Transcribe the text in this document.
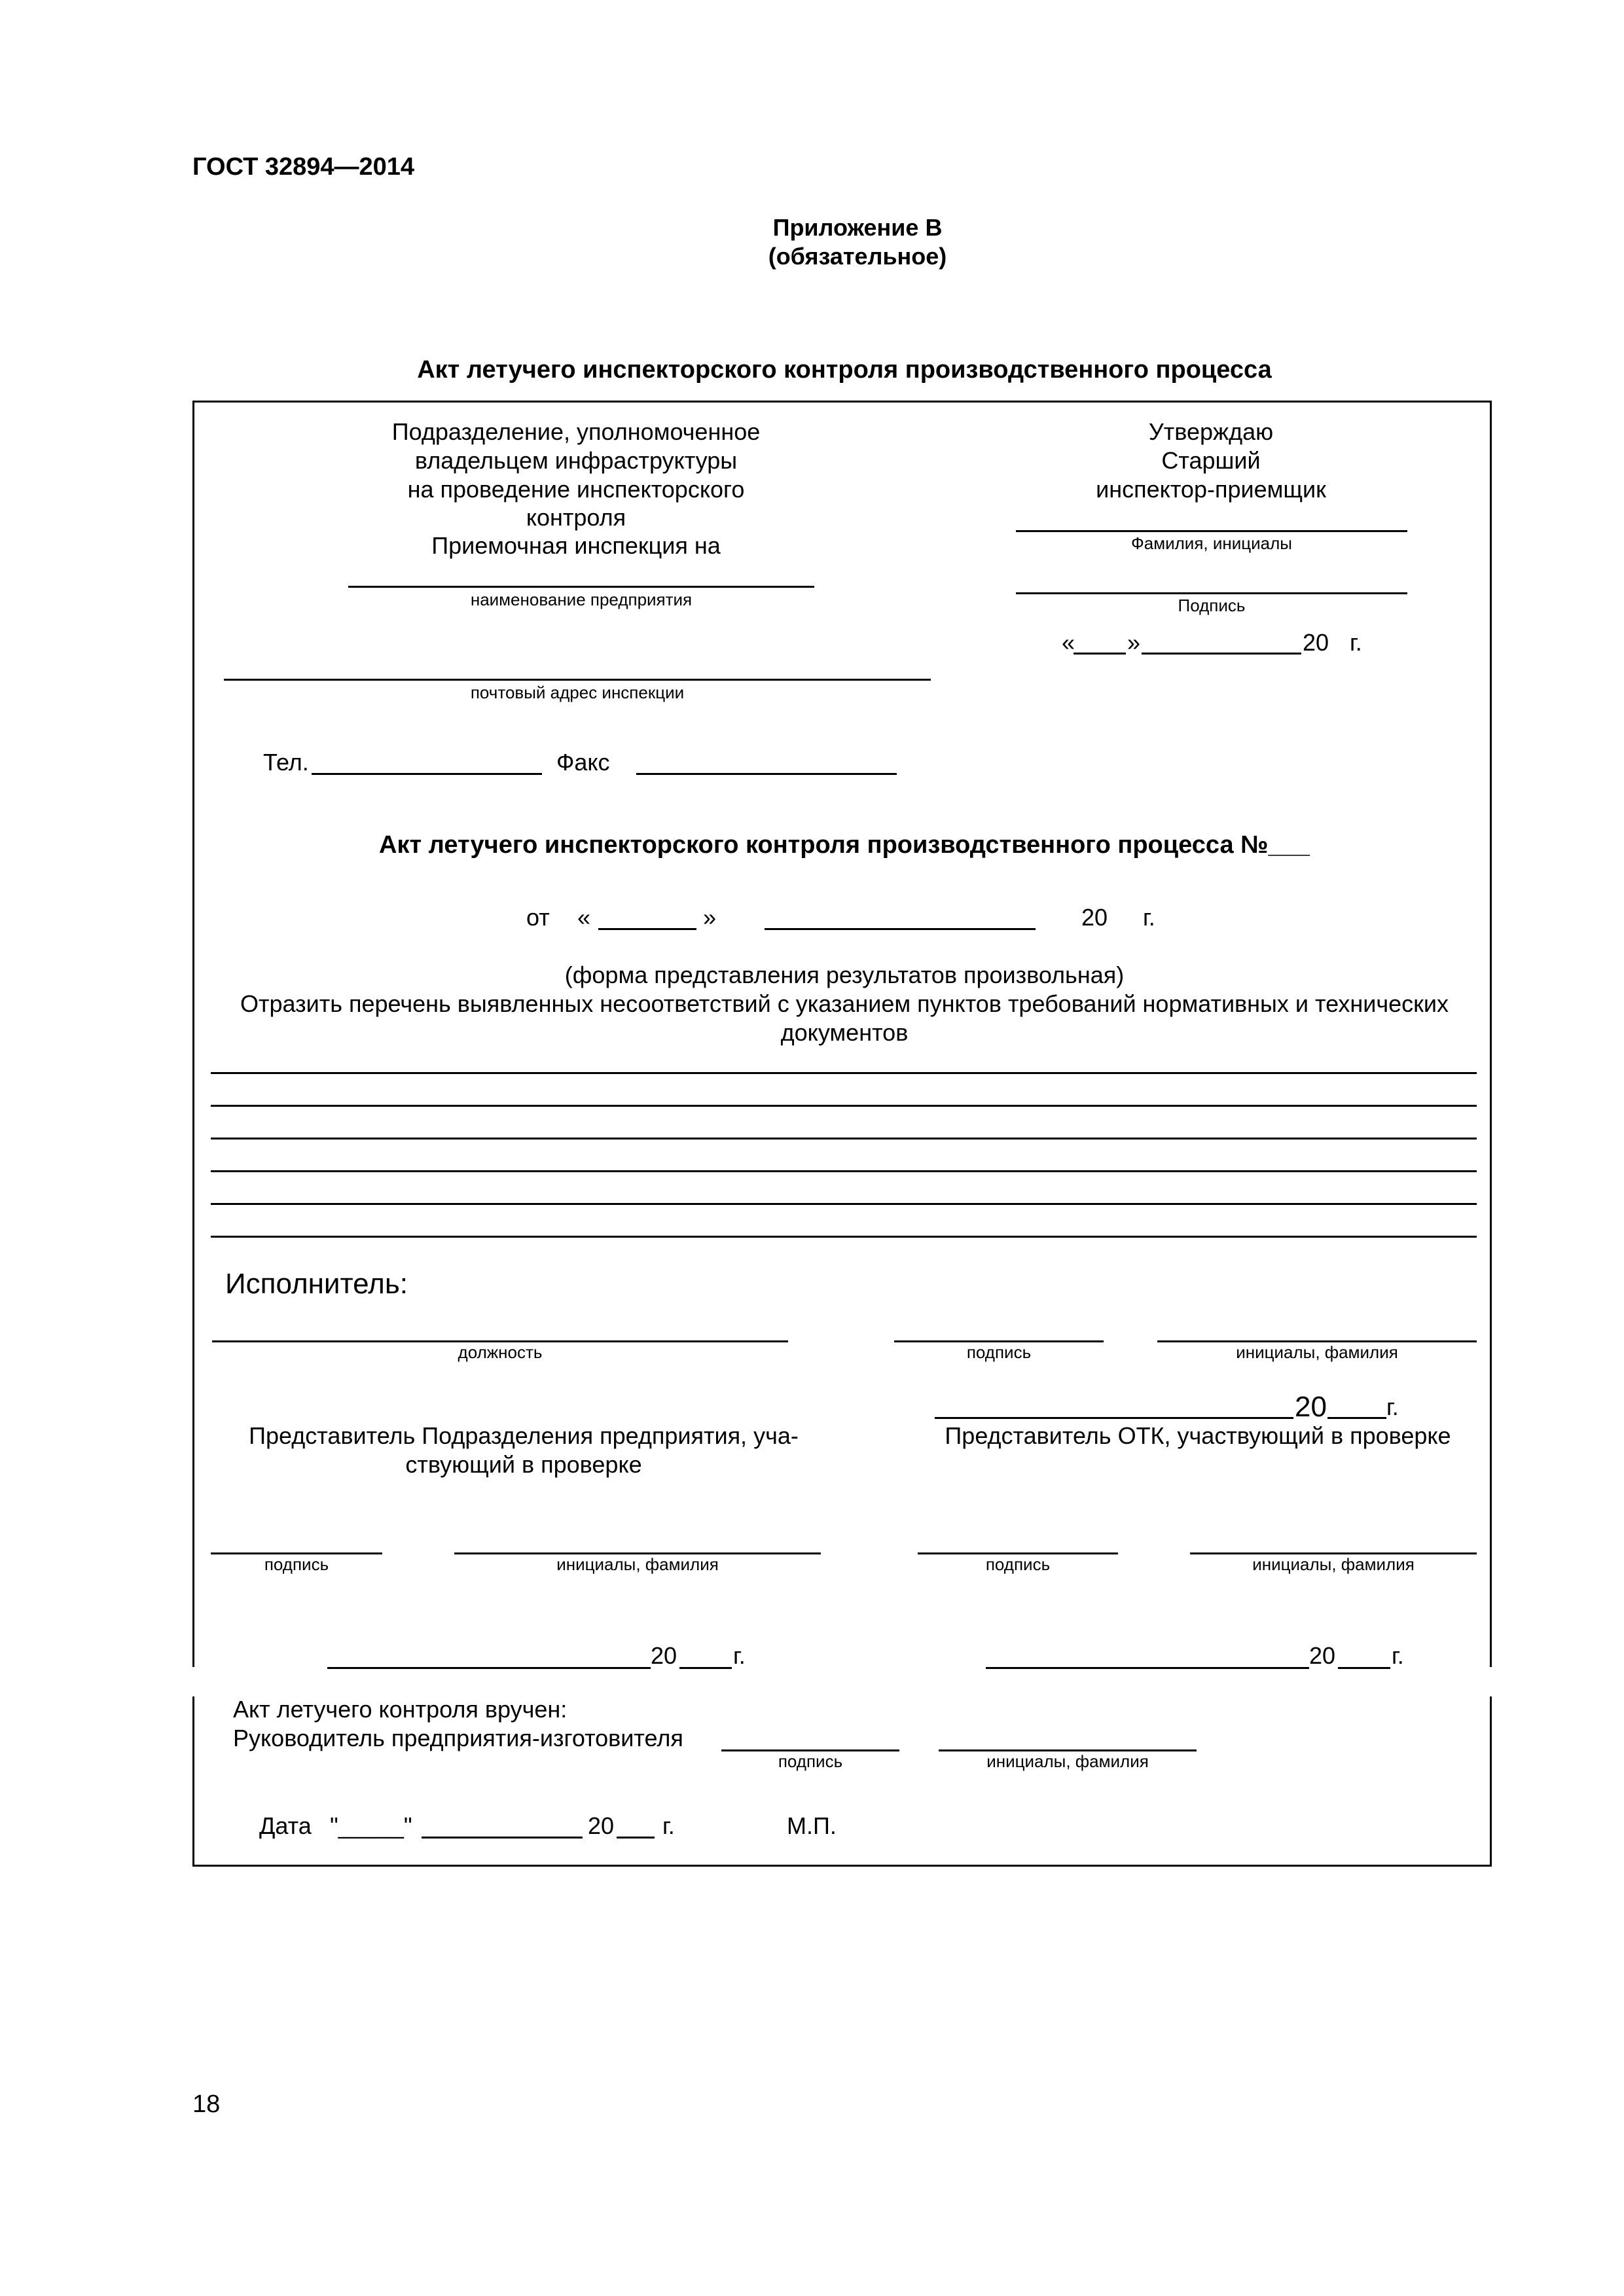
ГОСТ 32894—2014
Приложение В
(обязательное)
Акт летучего инспекторского контроля производственного процесса
Подразделение, уполномоченное
владельцем инфраструктуры
на проведение инспекторского
контроля
Приемочная инспекция на
наименование предприятия
почтовый адрес инспекции
Тел.	Факс
Утверждаю
Старший
инспектор-приемщик
Фамилия, инициалы
Подпись
« »	20 г.
Акт летучего инспекторского контроля производственного процесса №___
от «	»	20 г.
(форма представления результатов произвольная)
Отразить перечень выявленных несоответствий с указанием пунктов требований нормативных и технических
документов
Исполнитель:
должность	подпись	инициалы, фамилия
20	г.
Представитель Подразделения предприятия, уча-
ствующий в проверке
Представитель ОТК, участвующий в проверке
подпись	инициалы, фамилия	подпись	инициалы, фамилия
20 г.	20 г.
Акт летучего контроля вручен:
Руководитель предприятия-изготовителя
подпись	инициалы, фамилия
Дата "_____"	20 г.	М.П.
18
